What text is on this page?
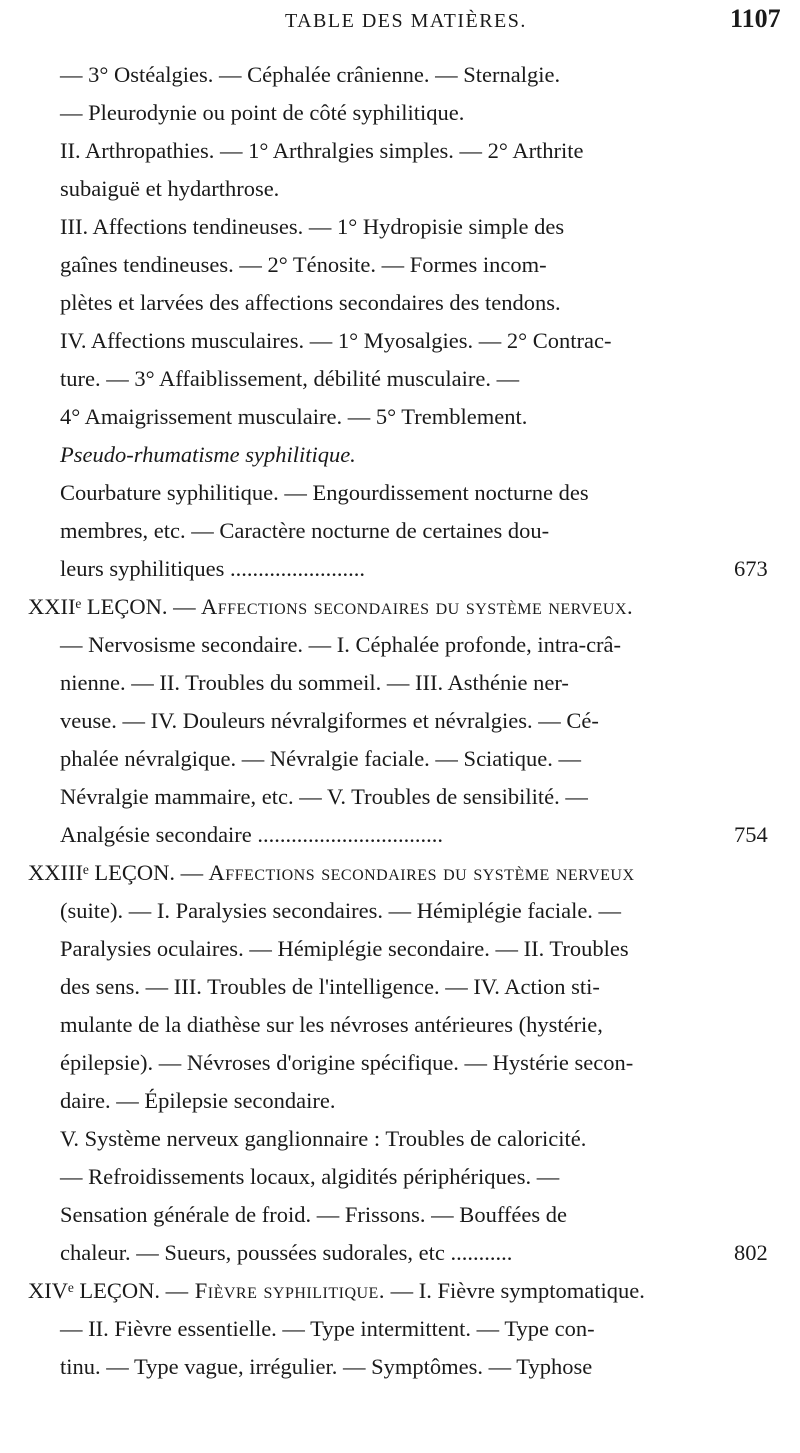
TABLE DES MATIÈRES.	1107
— 3° Ostéalgies. — Céphalée crânienne. — Sternalgie.
— Pleurodynie ou point de côté syphilitique.
II. Arthropathies. — 1° Arthralgies simples. — 2° Arthrite
subaiguë et hydarthrose.
III. Affections tendineuses. — 1° Hydropisie simple des
gaînes tendineuses. — 2° Ténosite. — Formes incom-
plètes et larvées des affections secondaires des tendons.
IV. Affections musculaires. — 1° Myosalgies. — 2° Contrac-
ture. — 3° Affaiblissement, débilité musculaire. —
4° Amaigrissement musculaire. — 5° Tremblement.
Pseudo-rhumatisme syphilitique.
Courbature syphilitique. — Engourdissement nocturne des
membres, etc. — Caractère nocturne de certaines dou-
leurs syphilitiques ........................	673
XXIIᵉ LEÇON. — Affections secondaires du système nerveux.
— Nervosisme secondaire. — I. Céphalée profonde, intra-crâ-
nienne. — II. Troubles du sommeil. — III. Asthénie ner-
veuse. — IV. Douleurs névralgiformes et névralgies. — Cé-
phalée névralgique. — Névralgie faciale. — Sciatique. —
Névralgie mammaire, etc. — V. Troubles de sensibilité. —
Analgésie secondaire .................................	754
XXIIIᵉ LEÇON. — Affections secondaires du système nerveux
(suite). — I. Paralysies secondaires. — Hémiplégie faciale. —
Paralysies oculaires. — Hémiplégie secondaire. — II. Troubles
des sens. — III. Troubles de l'intelligence. — IV. Action sti-
mulante de la diathèse sur les névroses antérieures (hystérie,
épilepsie). — Névroses d'origine spécifique. — Hystérie secon-
daire. — Épilepsie secondaire.
V. Système nerveux ganglionnaire : Troubles de caloricité.
— Refroidissements locaux, algidités périphériques. —
Sensation générale de froid. — Frissons. — Bouffées de
chaleur. — Sueurs, poussées sudorales, etc ...........	802
XIVᵉ LEÇON. — Fièvre syphilitique. — I. Fièvre symptomatique.
— II. Fièvre essentielle. — Type intermittent. — Type con-
tinu. — Type vague, irrégulier. — Symptômes. — Typhose
